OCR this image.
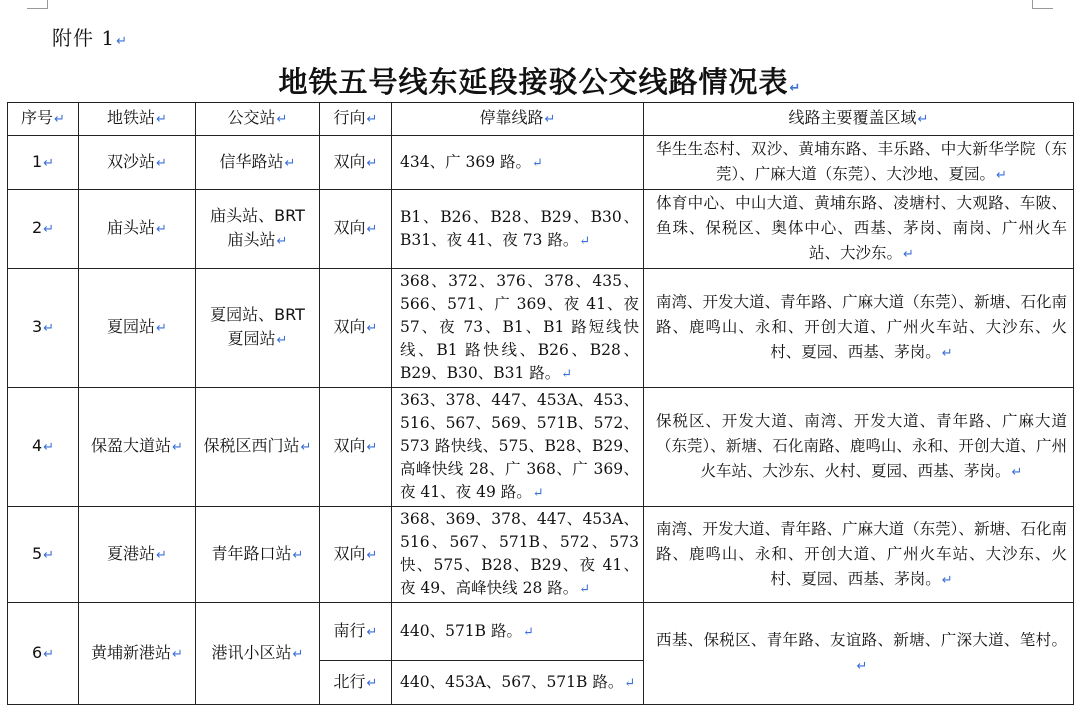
附件 1↵
地铁五号线东延段接驳公交线路情况表↵
序号↵	地铁站↵	公交站↵	行向↵	停靠线路↵	线路主要覆盖区域↵
1↵	双沙站↵	信华路站↵	双向↵	434、广 369 路。↵	华生生态村、双沙、黄埔东路、丰乐路、中大新华学院（东莞）、广麻大道（东莞）、大沙地、夏园。↵
2↵	庙头站↵	庙头站、BRT 庙头站↵	双向↵	B1、B26、B28、B29、B30、B31、夜 41、夜 73 路。↵	体育中心、中山大道、黄埔东路、凌塘村、大观路、车陂、鱼珠、保税区、奥体中心、西基、茅岗、南岗、广州火车站、大沙东。↵
3↵	夏园站↵	夏园站、BRT 夏园站↵	双向↵	368、372、376、378、435、566、571、广 369、夜 41、夜 57、夜 73、B1、B1 路短线快线、B1 路快线、B26、B28、B29、B30、B31 路。↵	南湾、开发大道、青年路、广麻大道（东莞）、新塘、石化南路、鹿鸣山、永和、开创大道、广州火车站、大沙东、火村、夏园、西基、茅岗。↵
4↵	保盈大道站↵	保税区西门站↵	双向↵	363、378、447、453A、453、516、567、569、571B、572、573 路快线、575、B28、B29、高峰快线 28、广 368、广 369、夜 41、夜 49 路。↵	保税区、开发大道、南湾、开发大道、青年路、广麻大道（东莞）、新塘、石化南路、鹿鸣山、永和、开创大道、广州火车站、大沙东、火村、夏园、西基、茅岗。↵
5↵	夏港站↵	青年路口站↵	双向↵	368、369、378、447、453A、516、567、571B、572、573 快、575、B28、B29、夜 41、夜 49、高峰快线 28 路。↵	南湾、开发大道、青年路、广麻大道（东莞）、新塘、石化南路、鹿鸣山、永和、开创大道、广州火车站、大沙东、火村、夏园、西基、茅岗。↵
6↵	黄埔新港站↵	港讯小区站↵	南行↵	440、571B 路。↵	西基、保税区、青年路、友谊路、新塘、广深大道、笔村。↵
			北行↵	440、453A、567、571B 路。↵	
